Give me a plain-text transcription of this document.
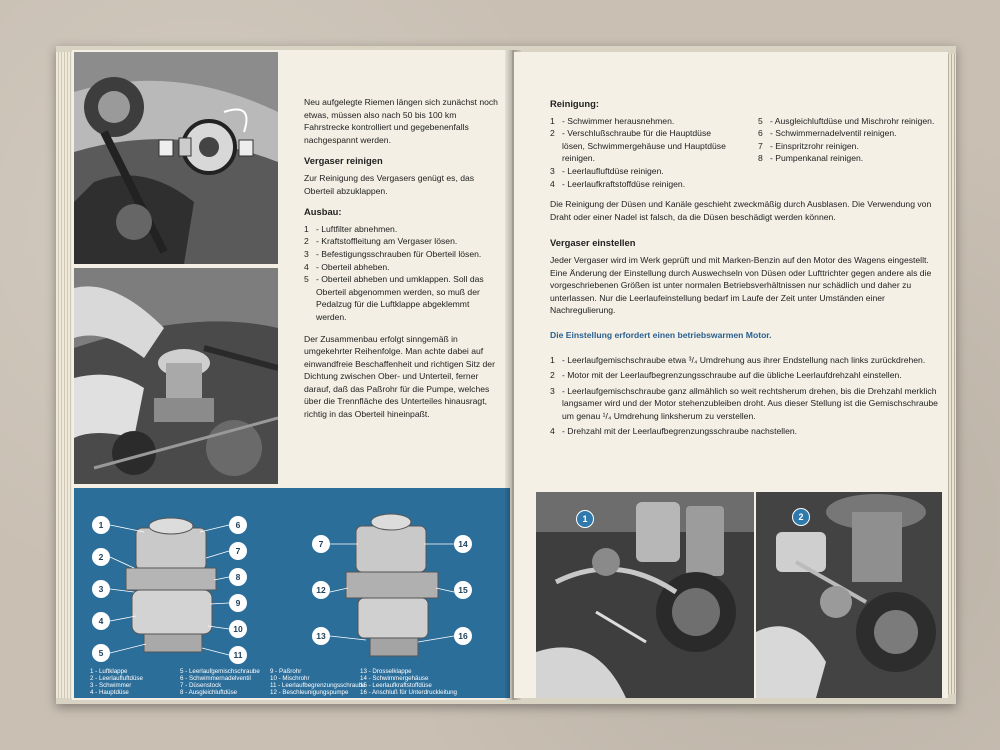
Neu aufgelegte Riemen längen sich zunächst noch etwas, müssen also nach 50 bis 100 km Fahrstrecke kontrolliert und gegebenenfalls nachgespannt werden.

Vergaser reinigen

Zur Reinigung des Vergasers genügt es, das Oberteil abzuklappen.

Ausbau:
1 - Luftfilter abnehmen.
2 - Kraftstoffleitung am Vergaser lösen.
3 - Befestigungsschrauben für Oberteil lösen.
4 - Oberteil abheben.
5 - Oberteil abheben und umklappen. Soll das Oberteil abgenommen werden, so muß der Pedalzug für die Luftklappe abgeklemmt werden.

Der Zusammenbau erfolgt sinngemäß in umgekehrter Reihenfolge. Man achte dabei auf einwandfreie Beschaffenheit und richtigen Sitz der Dichtung zwischen Ober- und Unterteil, ferner darauf, daß das Paßrohr für die Pumpe, welches über die Trennfläche des Unterteiles hinausragt, richtig in das Oberteil hineinpaßt.

1
2
3
4
5
6
7
8
9
10
11
7
12
13
14
15
16
1 - Luftklappe
2 - Leerlaufluftdüse
3 - Schwimmer
4 - Hauptdüse
5 - Leerlaufgemischschraube
6 - Schwimmernadelventil
7 - Düsenstock
8 - Ausgleichluftdüse
9 - Paßrohr
10 - Mischrohr
11 - Leerlaufbegrenzungsschraube
12 - Beschleunigungspumpe
13 - Drosselklappe
14 - Schwimmergehäuse
15 - Leerlaufkraftstoffdüse
16 - Anschluß für Unterdruckleitung
Reinigung:
1 - Schwimmer herausnehmen.
2 - Verschlußschraube für die Hauptdüse lösen, Schwimmergehäuse und Hauptdüse reinigen.
3 - Leerlaufluftdüse reinigen.
4 - Leerlaufkraftstoffdüse reinigen.
5 - Ausgleichluftdüse und Mischrohr reinigen.
6 - Schwimmernadelventil reinigen.
7 - Einspritzrohr reinigen.
8 - Pumpenkanal reinigen.

Die Reinigung der Düsen und Kanäle geschieht zweckmäßig durch Ausblasen. Die Verwendung von Draht oder einer Nadel ist falsch, da die Düsen beschädigt werden können.

Vergaser einstellen

Jeder Vergaser wird im Werk geprüft und mit Marken-Benzin auf den Motor des Wagens eingestellt. Eine Änderung der Einstellung durch Auswechseln von Düsen oder Lufttrichter gegen andere als die vorgeschriebenen Größen ist unter normalen Betriebsverhältnissen nur schädlich und daher zu unterlassen. Nur die Leerlaufeinstellung bedarf im Laufe der Zeit unter Umständen einer Nachregulierung.

Die Einstellung erfordert einen betriebswarmen Motor.

1 - Leerlaufgemischschraube etwa ³/₄ Umdrehung aus ihrer Endstellung nach links zurückdrehen.
2 - Motor mit der Leerlaufbegrenzungsschraube auf die übliche Leerlaufdrehzahl einstellen.
3 - Leerlaufgemischschraube ganz allmählich so weit rechtsherum drehen, bis die Drehzahl merklich langsamer wird und der Motor stehenzubleiben droht. Aus dieser Stellung ist die Gemischschraube um genau ¹/₄ Umdrehung linksherum zu verstellen.
4 - Drehzahl mit der Leerlaufbegrenzungsschraube nachstellen.
1	2
